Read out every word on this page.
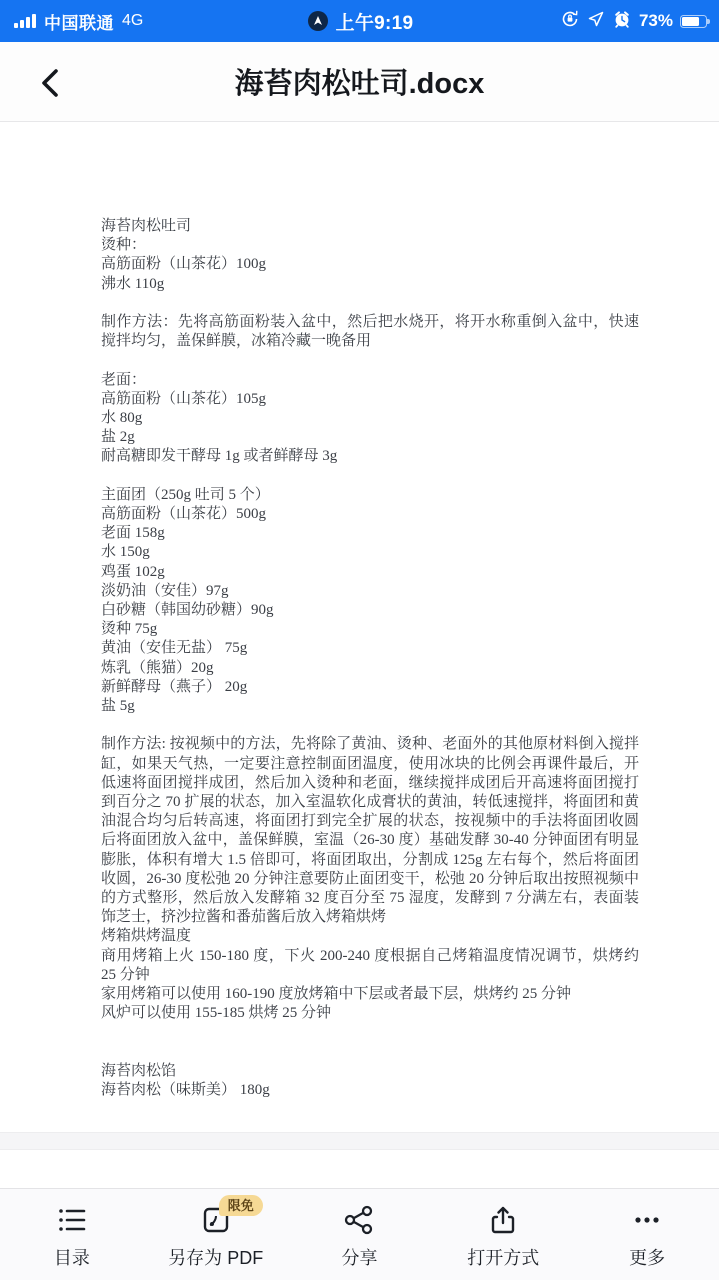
中国联通 4G	上午9:19	73%
海苔肉松吐司.docx

海苔肉松吐司

烫种：

高筋面粉（山茶花）100g

沸水 110g

制作方法：先将高筋面粉装入盆中，然后把水烧开，将开水称重倒入盆中，快速搅拌均匀，盖保鲜膜，冰箱冷藏一晚备用

老面：

高筋面粉（山茶花）105g

水 80g

盐 2g

耐高糖即发干酵母 1g 或者鲜酵母 3g

主面团（250g 吐司 5 个）

高筋面粉（山茶花）500g

老面 158g

水 150g

鸡蛋 102g

淡奶油（安佳）97g

白砂糖（韩国幼砂糖）90g

烫种 75g

黄油（安佳无盐） 75g

炼乳（熊猫）20g

新鲜酵母（燕子） 20g

盐 5g

制作方法: 按视频中的方法，先将除了黄油、烫种、老面外的其他原材料倒入搅拌缸，如果天气热，一定要注意控制面团温度，使用冰块的比例会再课件最后，开低速将面团搅拌成团，然后加入烫种和老面，继续搅拌成团后开高速将面团搅打到百分之 70 扩展的状态，加入室温软化成膏状的黄油，转低速搅拌，将面团和黄油混合均匀后转高速，将面团打到完全扩展的状态，按视频中的手法将面团收圆后将面团放入盆中，盖保鲜膜，室温（26-30 度）基础发酵 30-40 分钟面团有明显膨胀，体积有增大 1.5 倍即可，将面团取出，分割成 125g 左右每个，然后将面团收圆，26-30 度松弛 20 分钟注意要防止面团变干，松弛 20 分钟后取出按照视频中的方式整形，然后放入发酵箱 32 度百分至 75 湿度，发酵到 7 分满左右，表面装饰芝士，挤沙拉酱和番茄酱后放入烤箱烘烤

烤箱烘烤温度

商用烤箱上火 150-180 度，下火 200-240 度根据自己烤箱温度情况调节，烘烤约 25 分钟

家用烤箱可以使用 160-190 度放烤箱中下层或者最下层，烘烤约 25 分钟

风炉可以使用 155-185 烘烤 25 分钟

海苔肉松馅

海苔肉松（味斯美） 180g

目录
限免
另存为 PDF	分享	打开方式	更多
